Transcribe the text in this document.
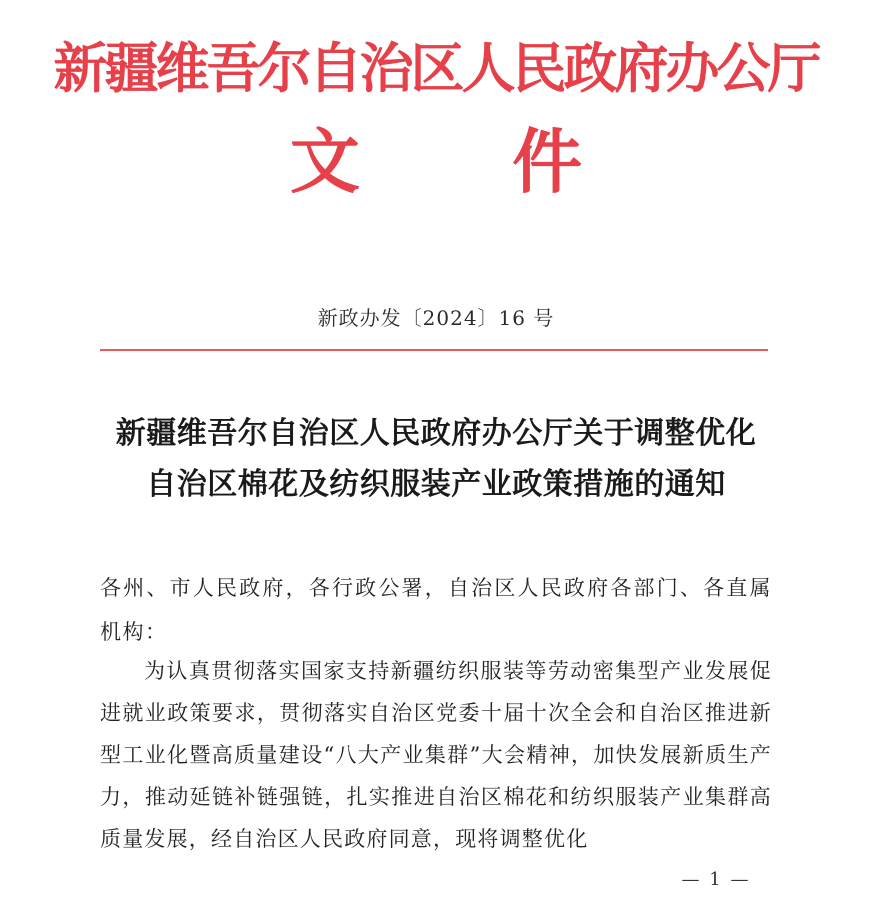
新疆维吾尔自治区人民政府办公厅
文 件
新政办发〔2024〕16 号
新疆维吾尔自治区人民政府办公厅关于调整优化
自治区棉花及纺织服装产业政策措施的通知
各州、市人民政府，各行政公署，自治区人民政府各部门、各直属机构：
为认真贯彻落实国家支持新疆纺织服装等劳动密集型产业发展促进就业政策要求，贯彻落实自治区党委十届十次全会和自治区推进新型工业化暨高质量建设“八大产业集群”大会精神，加快发展新质生产力，推动延链补链强链，扎实推进自治区棉花和纺织服装产业集群高质量发展，经自治区人民政府同意，现将调整优化
— 1 —
